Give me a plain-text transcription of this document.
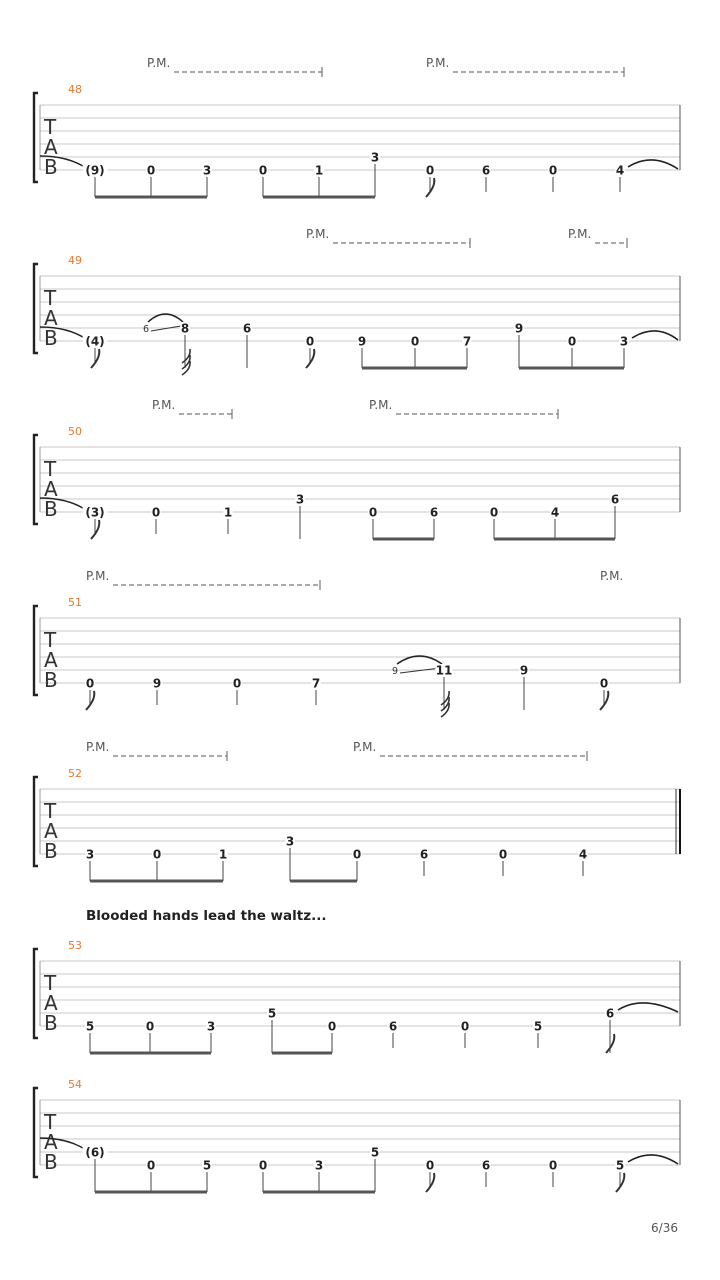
P.M.	P.M.
48
T
A
B (9)	0	3	0	1
3
0	6	0	4
P.M.	P.M.
49
T
A
B	6
(4)
8	6
0	9	0	7
9
0	3
P.M.	P.M.
50
T
A
B (3)	0	1
3
0	6	0	4
6
P.M.	P.M.
51
T
A
B	9
0	9	0	7
11	9
0
P.M.	P.M.
52
T
A
B 3	0	1
3
0	6	0	4
53
T
A
B 5	0	3
5
0	6	0	5
6
54
T
A
B (6)
0	5	0	3
5
0	6	0	5
Blooded hands lead the waltz...
6/36
